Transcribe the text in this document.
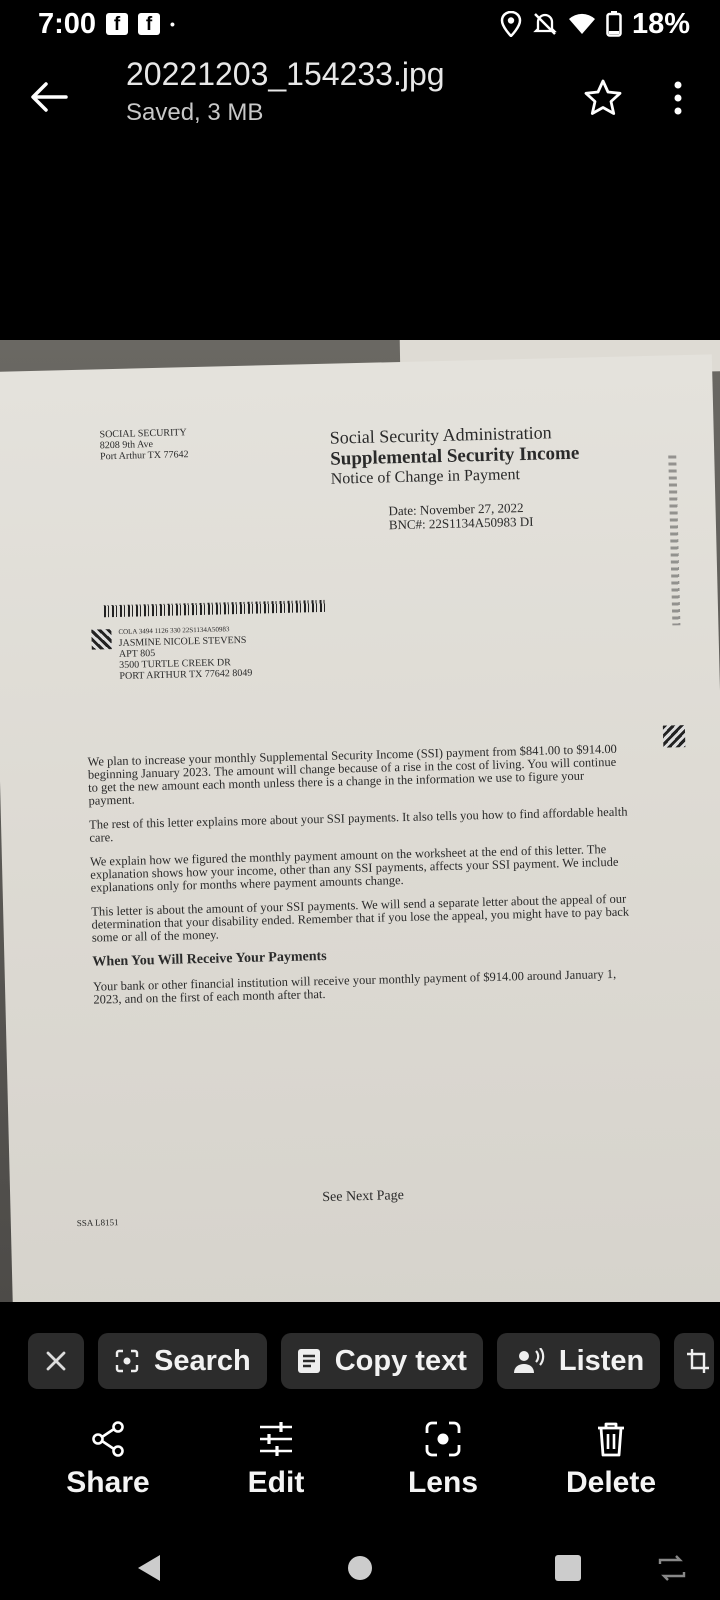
7:00 f	f	•	18%
20221203_154233.jpg
Saved, 3 MB
SOCIAL SECURITY
8208 9th Ave
Port Arthur TX 77642
Social Security Administration
Supplemental Security Income
Notice of Change in Payment
Date: November 27, 2022
BNC#: 22S1134A50983 DI
COLA 3494 1126 330 22S1134A50983
JASMINE NICOLE STEVENS
APT 805
3500 TURTLE CREEK DR
PORT ARTHUR TX 77642 8049

We plan to increase your monthly Supplemental Security Income (SSI) payment from $841.00 to $914.00 beginning January 2023. The amount will change because of a rise in the cost of living. You will continue to get the new amount each month unless there is a change in the information we use to figure your payment.

The rest of this letter explains more about your SSI payments. It also tells you how to find affordable health care.

We explain how we figured the monthly payment amount on the worksheet at the end of this letter. The explanation shows how your income, other than any SSI payments, affects your SSI payment. We include explanations only for months where payment amounts change.

This letter is about the amount of your SSI payments. We will send a separate letter about the appeal of our determination that your disability ended. Remember that if you lose the appeal, you might have to pay back some or all of the money.

When You Will Receive Your Payments

Your bank or other financial institution will receive your monthly payment of $914.00 around January 1, 2023, and on the first of each month after that.

See Next Page
SSA L8151
Search	Copy text	Listen
Share	Edit	Lens	Delete
